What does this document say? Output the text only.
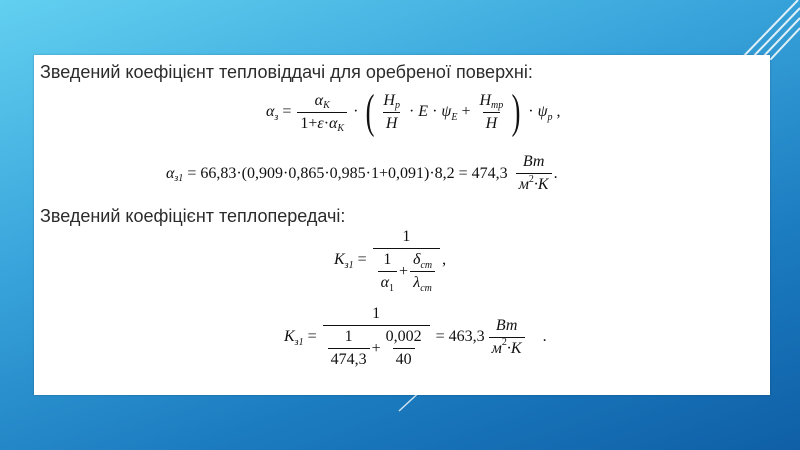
Зведений коефіцієнт тепловіддачі для оребреної поверхні:
α $з = \frac{\text{α K}}{\text{1+ ε · α K}}$ · ( $\frac{\text{H p}}{H} \cdot E \cdot \psi$ $E + \frac{\text{H тр}}{H}$ ) · ψ p ,
α $з1 = 66,83\cdot(0,909\cdot 0,865\cdot 0,985\cdot 1+0,091)\cdot 8,2 = 474,3 \frac{Вт}{м 2 \cdot K}$ .
Зведений коефіцієнт теплопередачі:
K з1 =
1
$\frac{1}{\alpha 1} + \frac{\text{δ ст}}{\text{λ ст}}$ ,
K з1 =
1
$\frac{1}{474,3} + \frac{0,002}{40} = 463,3 \frac{Вт}{м 2 \cdot K}$ .
